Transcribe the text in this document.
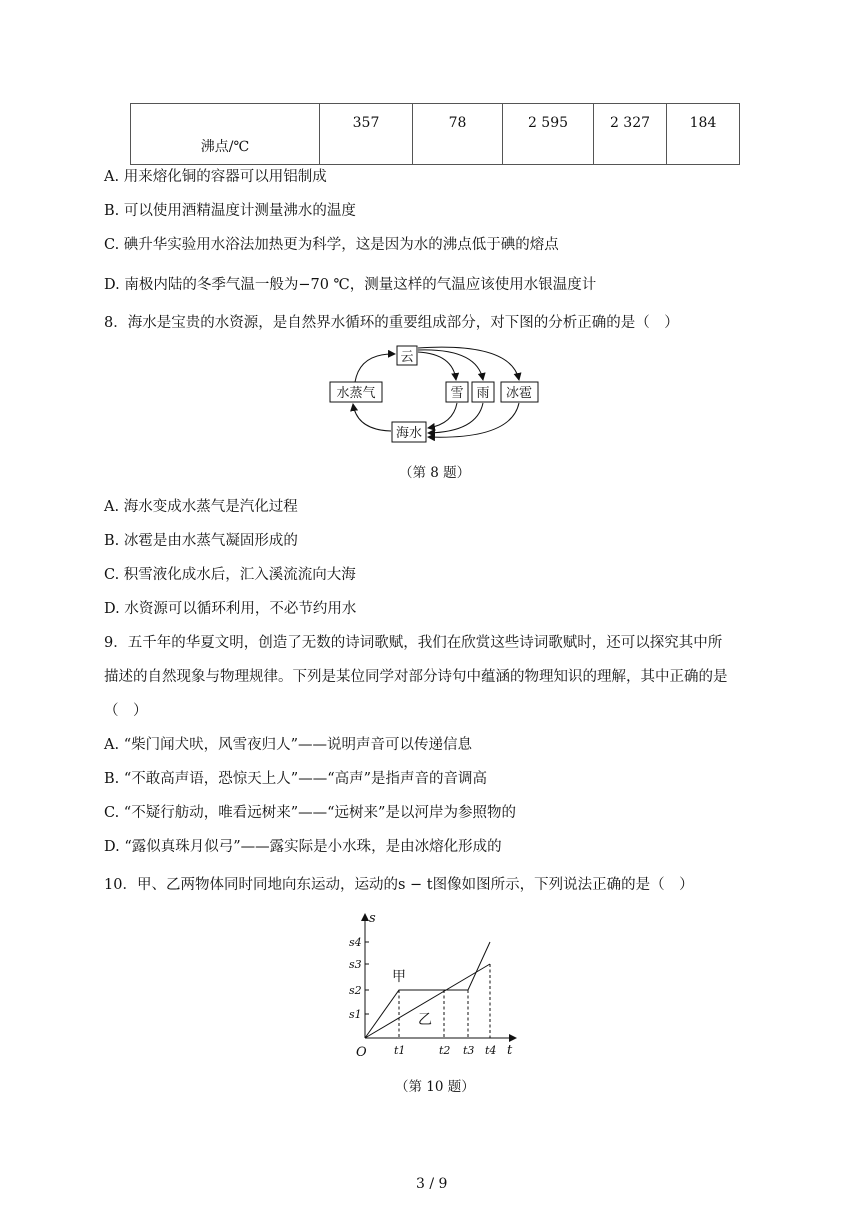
沸点/℃	357	78	2 595	2 327	184
A. 用来熔化铜的容器可以用铝制成
B. 可以使用酒精温度计测量沸水的温度
C. 碘升华实验用水浴法加热更为科学，这是因为水的沸点低于碘的熔点
D. 南极内陆的冬季气温一般为−70 ℃，测量这样的气温应该使用水银温度计
8．海水是宝贵的水资源，是自然界水循环的重要组成部分，对下图的分析正确的是（　）
云
水蒸气	雪 雨 冰雹
海水
（第 8 题）
A. 海水变成水蒸气是汽化过程
B. 冰雹是由水蒸气凝固形成的
C. 积雪液化成水后，汇入溪流流向大海
D. 水资源可以循环利用，不必节约用水
9．五千年的华夏文明，创造了无数的诗词歌赋，我们在欣赏这些诗词歌赋时，还可以探究其中所
描述的自然现象与物理规律。下列是某位同学对部分诗句中蕴涵的物理知识的理解，其中正确的是
（　）
A. “柴门闻犬吠，风雪夜归人”——说明声音可以传递信息
B. “不敢高声语，恐惊天上人”——“高声”是指声音的音调高
C. “不疑行舫动，唯看远树来”——“远树来”是以河岸为参照物的
D. “露似真珠月似弓”——露实际是小水珠，是由冰熔化形成的
10．甲、乙两物体同时同地向东运动，运动的s − t图像如图所示，下列说法正确的是（　）
s
t
O
s4
s3
s2
s1
t1	t2 t3 t4
甲
乙
（第 10 题）
3 / 9
